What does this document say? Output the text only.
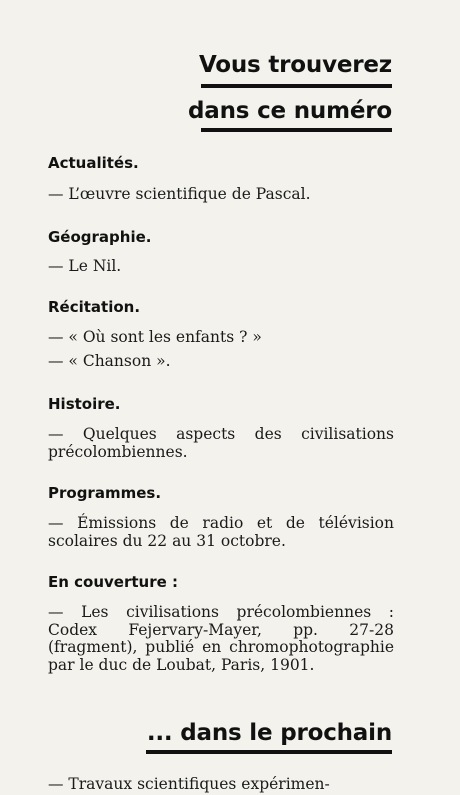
Vous trouverez
dans ce numéro
Actualités.
— L’œuvre scientifique de Pascal.
Géographie.
— Le Nil.
Récitation.
— « Où sont les enfants ? »
— « Chanson ».
Histoire.
— Quelques aspects des civilisations précolombiennes.
Programmes.
— Émissions de radio et de télévision scolaires du 22 au 31 octobre.
En couverture :
— Les civilisations précolombiennes : Codex Fejervary-Mayer, pp. 27-28 (fragment), publié en chromophotographie par le duc de Loubat, Paris, 1901.
... dans le prochain
— Travaux scientifiques expérimen-
